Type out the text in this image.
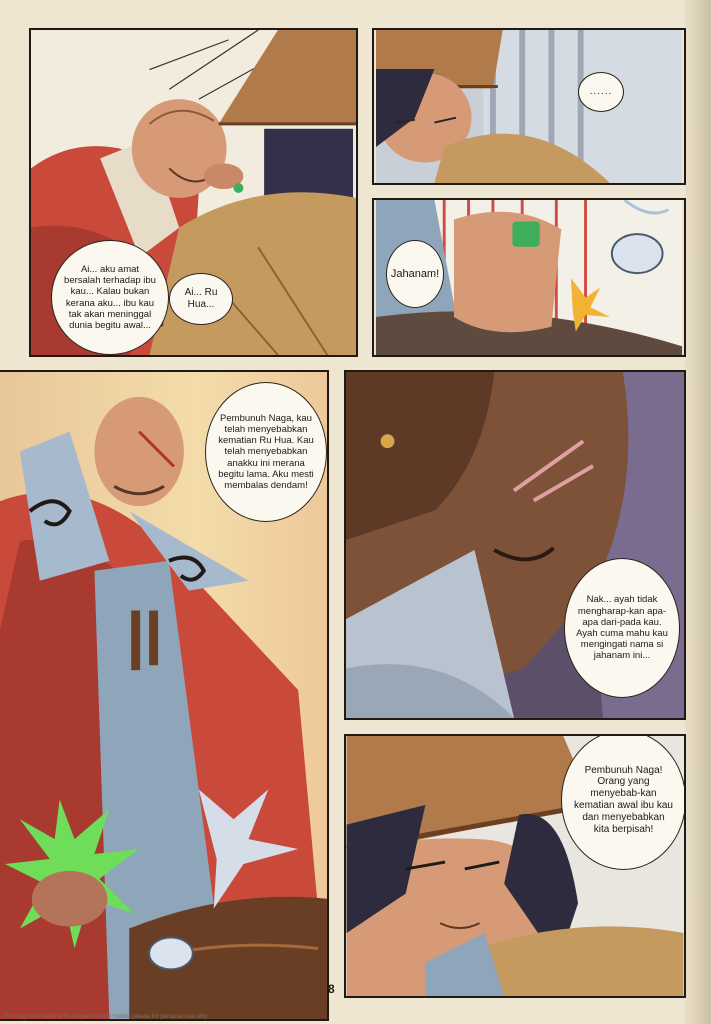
Ai... aku amat bersalah terhadap ibu kau... Kalau bukan kerana aku... ibu kau tak akan meninggal dunia begitu awal...
Ai... Ru Hua...
......
Jahanam!
Pembunuh Naga, kau telah menyebabkan kematian Ru Hua. Kau telah menyebabkan anakku ini merana begitu lama. Aku mesti membalas dendam!
Nak... ayah tidak mengharap-kan apa-apa dari-pada kau. Ayah cuma mahu kau mengingati nama si jahanam ini...
Pembunuh Naga! Orang yang menyebab-kan kematian awal ibu kau dan menyebabkan kita berpisah!
8
This copy is emailed with unique invisible codes, please for personal use only.
